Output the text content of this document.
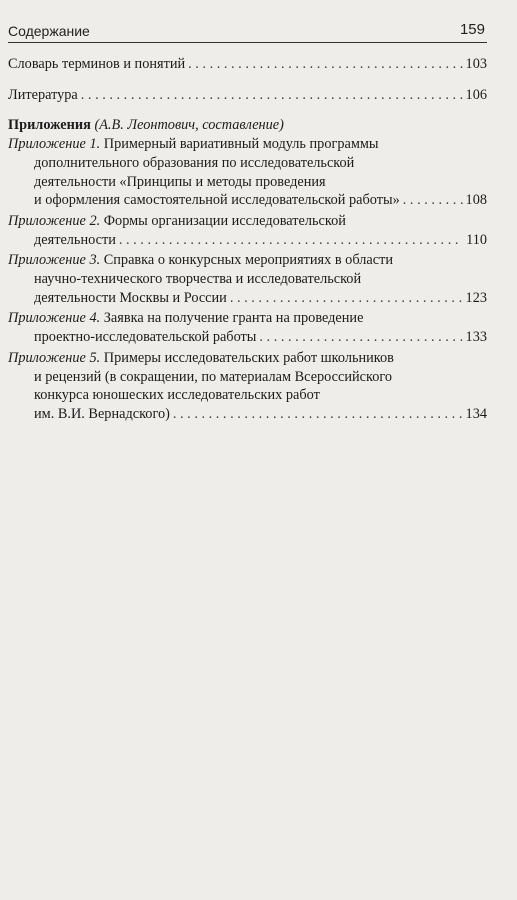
Содержание	159
Словарь терминов и понятий . . .	103
Литература . . .	106
Приложения
(А.В. Леонтович, составление)
Приложение 1.
Примерный вариативный модуль программы
дополнительного образования по исследовательской
деятельности «Принципы и методы проведения
и оформления самостоятельной исследовательской работы» . . .	108
Приложение 2.
Формы организации исследовательской
деятельности . . .	110
Приложение 3.
Справка о конкурсных мероприятиях в области
научно-технического творчества и исследовательской
деятельности Москвы и России . . .	123
Приложение 4.
Заявка на получение гранта на проведение
проектно-исследовательской работы . . .	133
Приложение 5.
Примеры исследовательских работ школьников
и рецензий (в сокращении, по материалам Всероссийского
конкурса юношеских исследовательских работ
им. В.И. Вернадского) . . .	134
